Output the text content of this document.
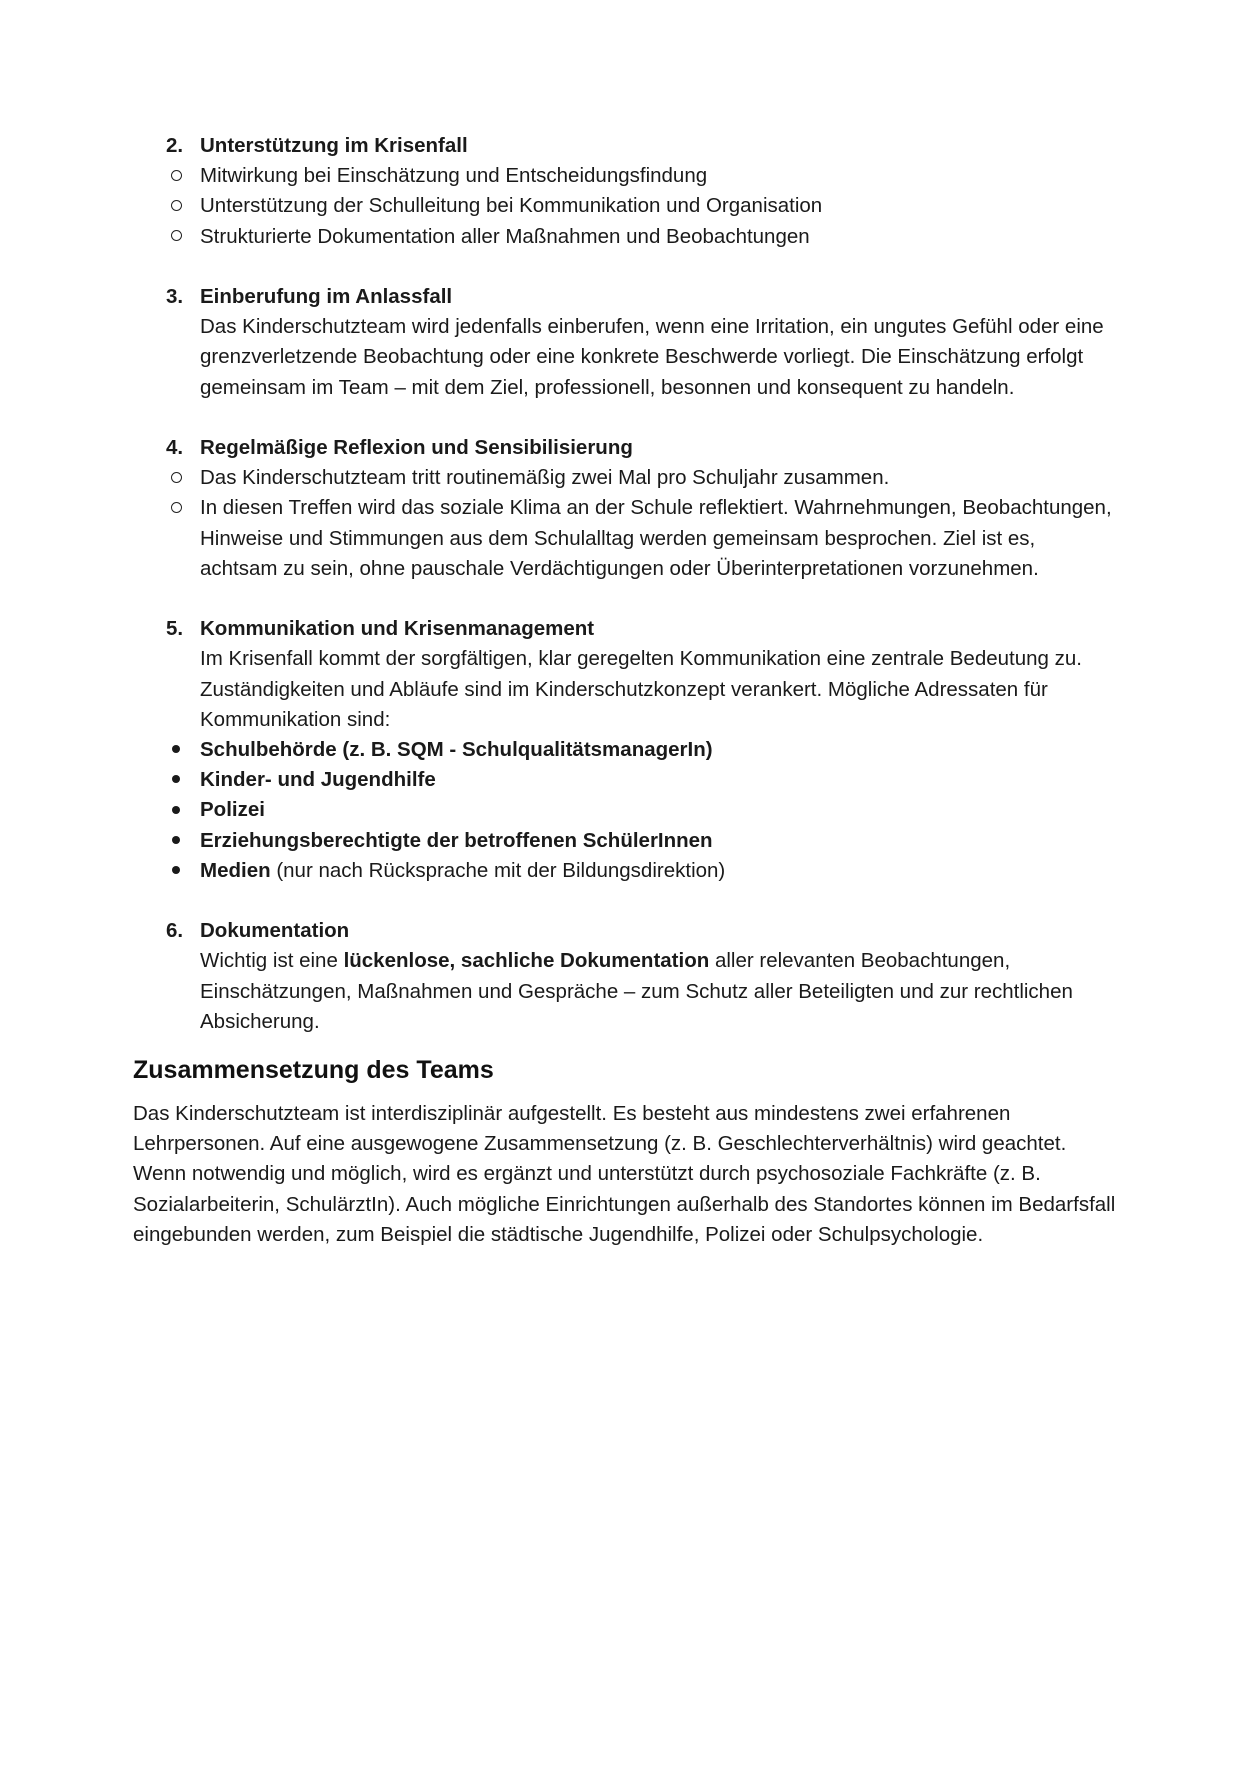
2. Unterstützung im Krisenfall
Mitwirkung bei Einschätzung und Entscheidungsfindung
Unterstützung der Schulleitung bei Kommunikation und Organisation
Strukturierte Dokumentation aller Maßnahmen und Beobachtungen
3. Einberufung im Anlassfall
Das Kinderschutzteam wird jedenfalls einberufen, wenn eine Irritation, ein ungutes Gefühl oder eine grenzverletzende Beobachtung oder eine konkrete Beschwerde vorliegt. Die Einschätzung erfolgt gemeinsam im Team – mit dem Ziel, professionell, besonnen und konsequent zu handeln.
4. Regelmäßige Reflexion und Sensibilisierung
Das Kinderschutzteam tritt routinemäßig zwei Mal pro Schuljahr zusammen.
In diesen Treffen wird das soziale Klima an der Schule reflektiert. Wahrnehmungen, Beobachtungen, Hinweise und Stimmungen aus dem Schulalltag werden gemeinsam besprochen. Ziel ist es, achtsam zu sein, ohne pauschale Verdächtigungen oder Überinterpretationen vorzunehmen.
5. Kommunikation und Krisenmanagement
Im Krisenfall kommt der sorgfältigen, klar geregelten Kommunikation eine zentrale Bedeutung zu. Zuständigkeiten und Abläufe sind im Kinderschutzkonzept verankert. Mögliche Adressaten für Kommunikation sind:
Schulbehörde (z. B. SQM - SchulqualitätsmanagerIn)
Kinder- und Jugendhilfe
Polizei
Erziehungsberechtigte der betroffenen SchülerInnen
Medien (nur nach Rücksprache mit der Bildungsdirektion)
6. Dokumentation
Wichtig ist eine lückenlose, sachliche Dokumentation aller relevanten Beobachtungen, Einschätzungen, Maßnahmen und Gespräche – zum Schutz aller Beteiligten und zur rechtlichen Absicherung.
Zusammensetzung des Teams

Das Kinderschutzteam ist interdisziplinär aufgestellt. Es besteht aus mindestens zwei erfahrenen Lehrpersonen. Auf eine ausgewogene Zusammensetzung (z. B. Geschlechterverhältnis) wird geachtet. Wenn notwendig und möglich, wird es ergänzt und unterstützt durch psychosoziale Fachkräfte (z. B. Sozialarbeiterin, SchulärztIn). Auch mögliche Einrichtungen außerhalb des Standortes können im Bedarfsfall eingebunden werden, zum Beispiel die städtische Jugendhilfe, Polizei oder Schulpsychologie.
